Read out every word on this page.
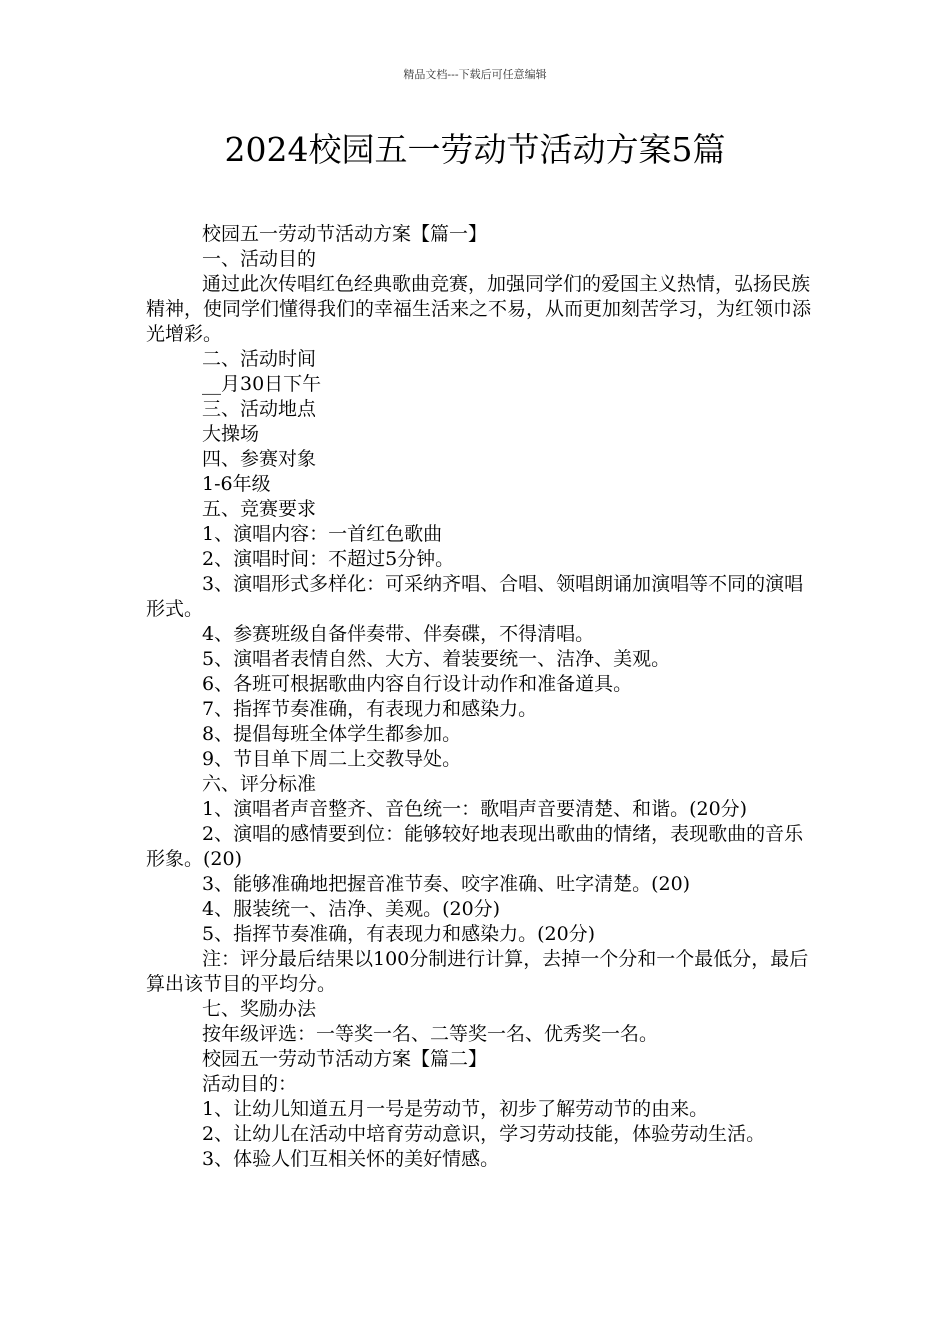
精品文档---下载后可任意编辑
2024校园五一劳动节活动方案5篇

校园五一劳动节活动方案【篇一】

一、活动目的

通过此次传唱红色经典歌曲竞赛，加强同学们的爱国主义热情，弘扬民族精神，使同学们懂得我们的幸福生活来之不易，从而更加刻苦学习，为红领巾添光增彩。

二、活动时间

__月30日下午

三、活动地点

大操场

四、参赛对象

1-6年级

五、竞赛要求

1、演唱内容：一首红色歌曲

2、演唱时间：不超过5分钟。

3、演唱形式多样化：可采纳齐唱、合唱、领唱朗诵加演唱等不同的演唱形式。

4、参赛班级自备伴奏带、伴奏碟，不得清唱。

5、演唱者表情自然、大方、着装要统一、洁净、美观。

6、各班可根据歌曲内容自行设计动作和准备道具。

7、指挥节奏准确，有表现力和感染力。

8、提倡每班全体学生都参加。

9、节目单下周二上交教导处。

六、评分标准

1、演唱者声音整齐、音色统一：歌唱声音要清楚、和谐。(20分)

2、演唱的感情要到位：能够较好地表现出歌曲的情绪，表现歌曲的音乐形象。(20)

3、能够准确地把握音准节奏、咬字准确、吐字清楚。(20)

4、服装统一、洁净、美观。(20分)

5、指挥节奏准确，有表现力和感染力。(20分)

注：评分最后结果以100分制进行计算，去掉一个分和一个最低分，最后算出该节目的平均分。

七、奖励办法

按年级评选：一等奖一名、二等奖一名、优秀奖一名。

校园五一劳动节活动方案【篇二】

活动目的：

1、让幼儿知道五月一号是劳动节，初步了解劳动节的由来。

2、让幼儿在活动中培育劳动意识，学习劳动技能，体验劳动生活。

3、体验人们互相关怀的美好情感。
